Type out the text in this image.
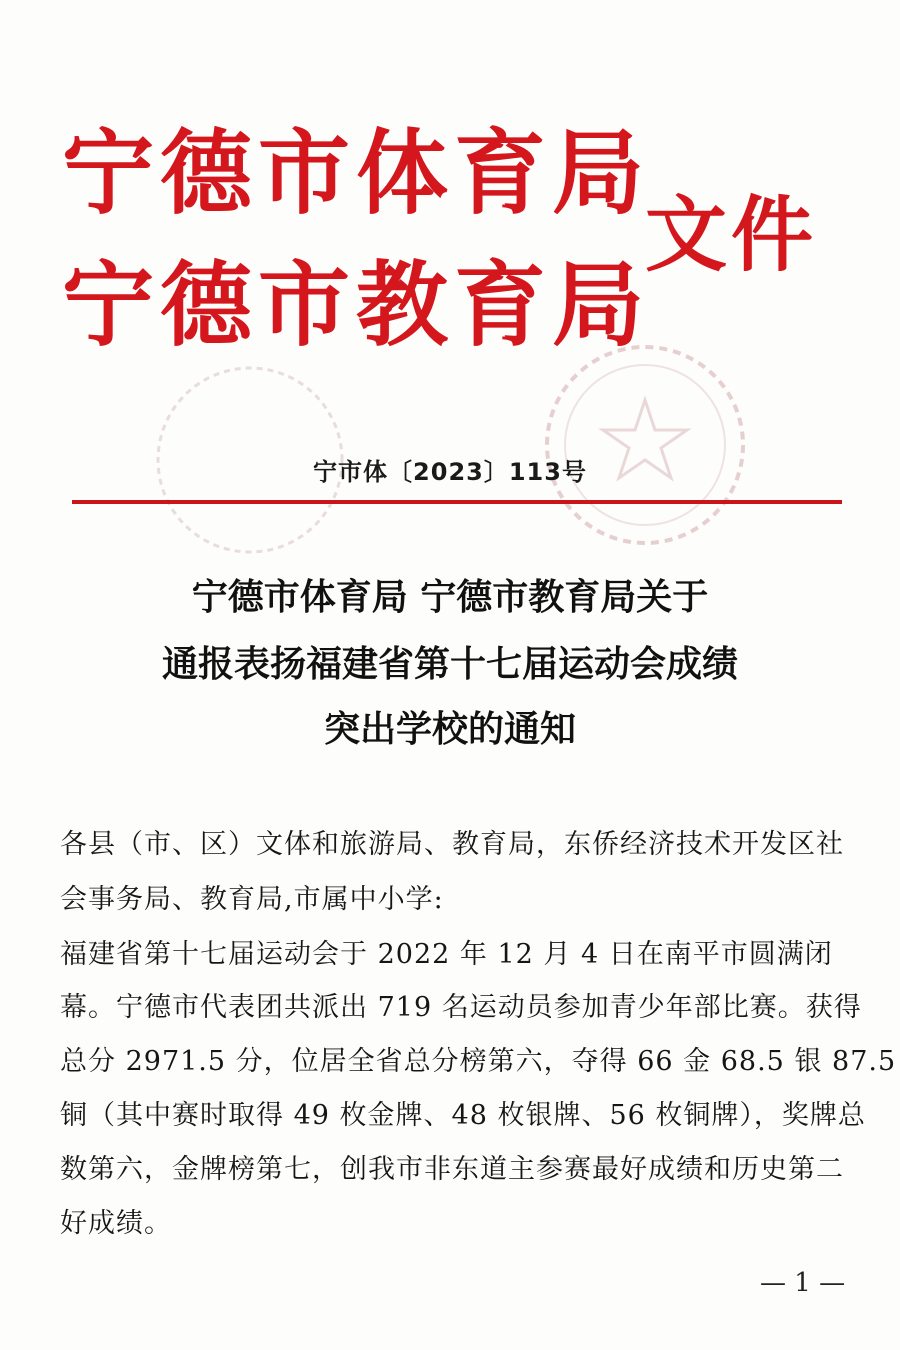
宁德市体育局
宁德市教育局
文件
宁市体〔2023〕113号
宁德市体育局 宁德市教育局关于
通报表扬福建省第十七届运动会成绩
突出学校的通知
各县（市、区）文体和旅游局、教育局，东侨经济技术开发区社
会事务局、教育局,市属中小学:
福建省第十七届运动会于 2022 年 12 月 4 日在南平市圆满闭
幕。宁德市代表团共派出 719 名运动员参加青少年部比赛。获得
总分 2971.5 分，位居全省总分榜第六，夺得 66 金 68.5 银 87.5
铜（其中赛时取得 49 枚金牌、48 枚银牌、56 枚铜牌），奖牌总
数第六，金牌榜第七，创我市非东道主参赛最好成绩和历史第二
好成绩。
— 1 —
